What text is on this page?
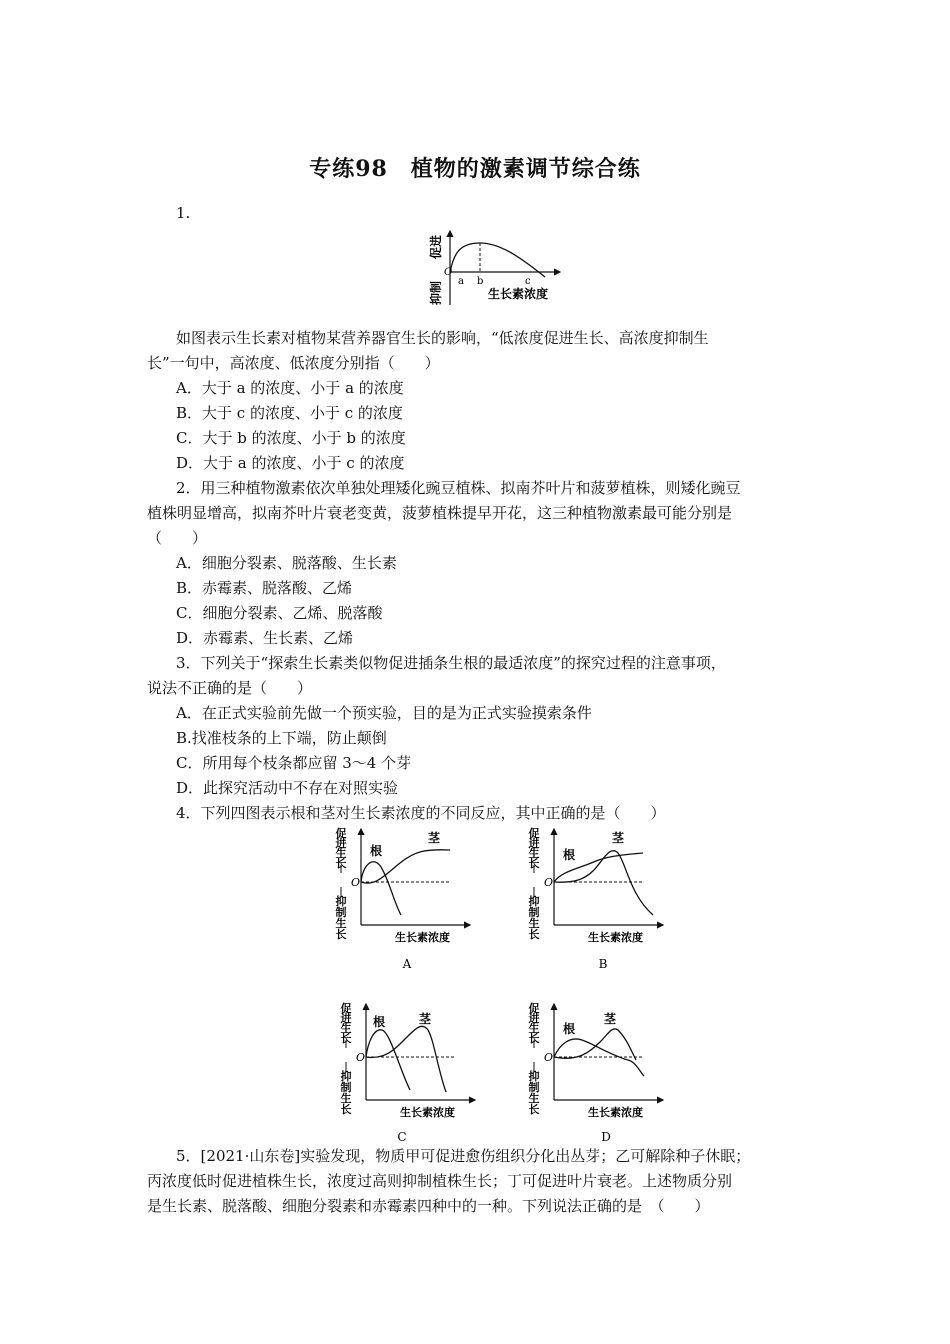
专练98　植物的激素调节综合练
1.
促进
抑制
O
a b	c
生长素浓度
如图表示生长素对植物某营养器官生长的影响，“低浓度促进生长、高浓度抑制生
长”一句中，高浓度、低浓度分别指（　　）
A．大于 a 的浓度、小于 a 的浓度
B．大于 c 的浓度、小于 c 的浓度
C．大于 b 的浓度、小于 b 的浓度
D．大于 a 的浓度、小于 c 的浓度
2．用三种植物激素依次单独处理矮化豌豆植株、拟南芥叶片和菠萝植株，则矮化豌豆
植株明显增高，拟南芥叶片衰老变黄，菠萝植株提早开花，这三种植物激素最可能分别是
（　　）
A．细胞分裂素、脱落酸、生长素
B．赤霉素、脱落酸、乙烯
C．细胞分裂素、乙烯、脱落酸
D．赤霉素、生长素、乙烯
3．下列关于“探索生长素类似物促进插条生根的最适浓度”的探究过程的注意事项，
说法不正确的是（　　）
A．在正式实验前先做一个预实验，目的是为正式实验摸索条件
B.找准枝条的上下端，防止颠倒
C．所用每个枝条都应留 3～4 个芽
D．此探究活动中不存在对照实验
4．下列四图表示根和茎对生长素浓度的不同反应，其中正确的是（　　）
促
进
生
长
抑
制
生
长
O
生长素浓度
根
茎
A
促
进
生
长
抑
制
生
长
O
生长素浓度
根
茎
B
促
进
生
长
抑
制
生
长
O
生长素浓度
根	茎
C
促
进
生
长
抑
制
生
长
O
生长素浓度
根
茎
D
5．[2021·山东卷]实验发现，物质甲可促进愈伤组织分化出丛芽；乙可解除种子休眠；
丙浓度低时促进植株生长，浓度过高则抑制植株生长；丁可促进叶片衰老。上述物质分别
是生长素、脱落酸、细胞分裂素和赤霉素四种中的一种。下列说法正确的是　（　　）
